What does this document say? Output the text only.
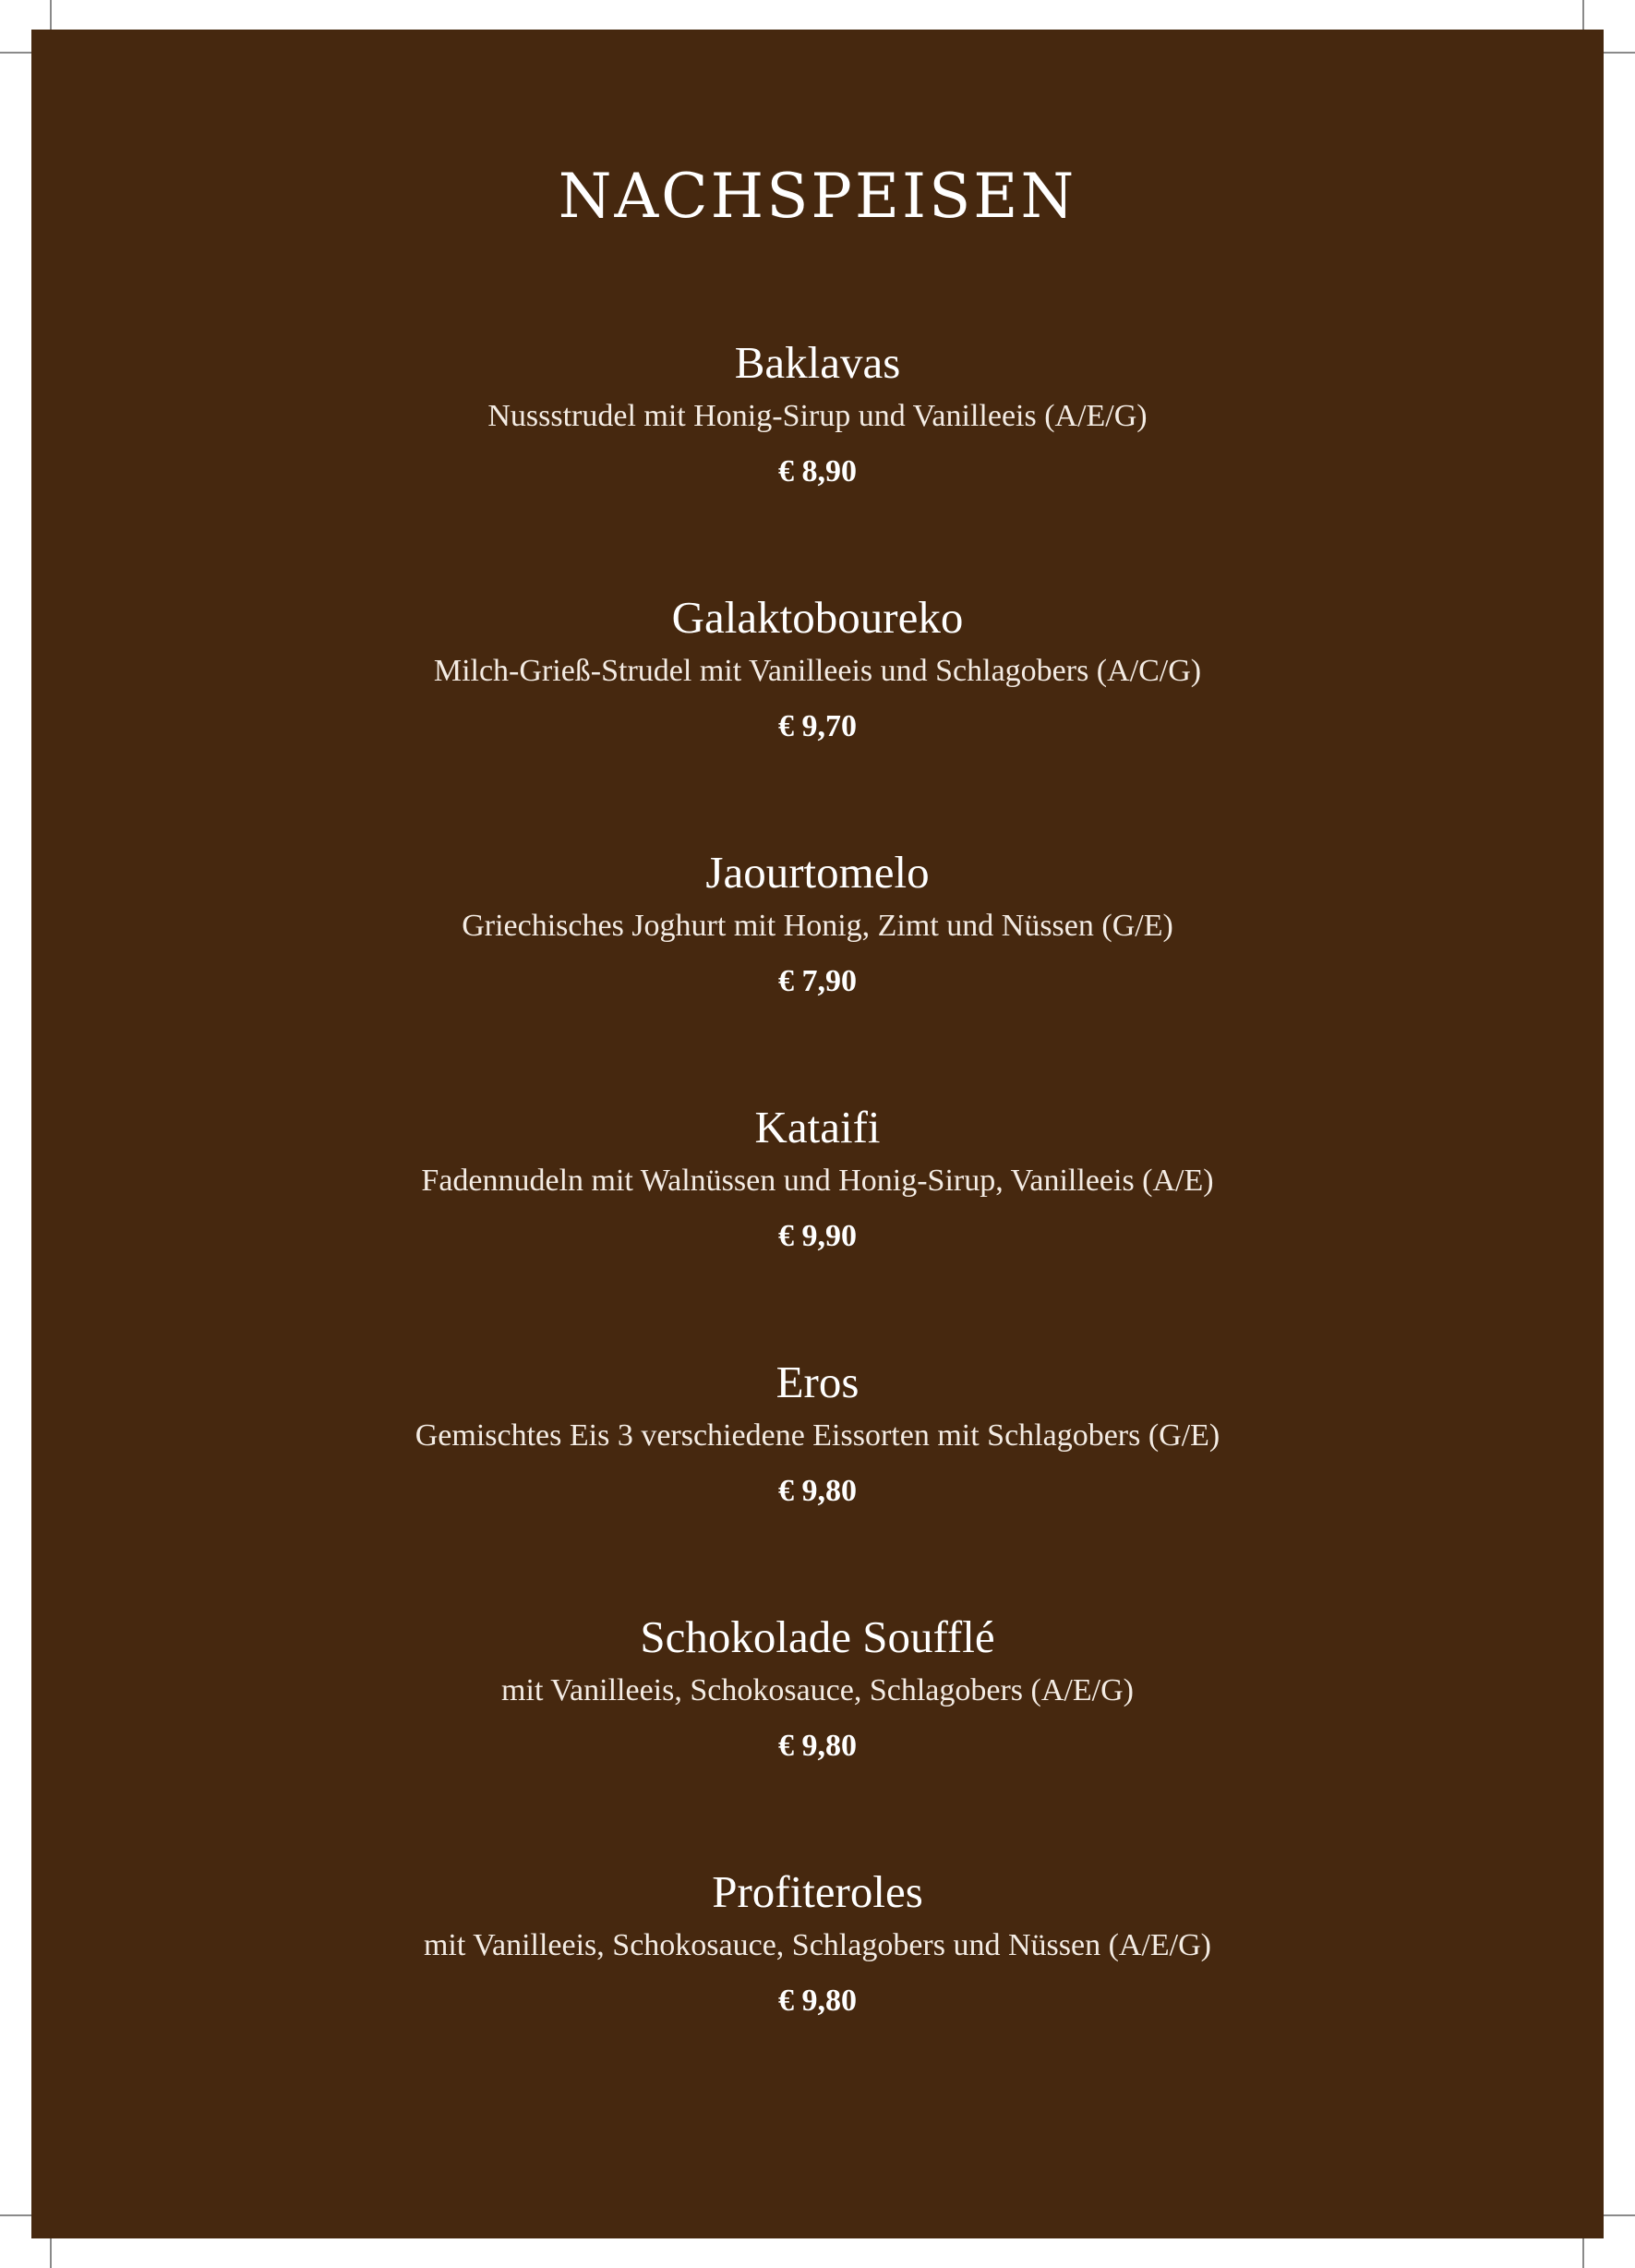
NACHSPEISEN
Baklavas
Nussstrudel mit Honig-Sirup und Vanilleeis (A/E/G)
€ 8,90
Galaktoboureko
Milch-Grieß-Strudel mit Vanilleeis und Schlagobers (A/C/G)
€ 9,70
Jaourtomelo
Griechisches Joghurt mit Honig, Zimt und Nüssen (G/E)
€ 7,90
Kataifi
Fadennudeln mit Walnüssen und Honig-Sirup, Vanilleeis (A/E)
€ 9,90
Eros
Gemischtes Eis 3 verschiedene Eissorten mit Schlagobers (G/E)
€ 9,80
Schokolade Soufflé
mit Vanilleeis, Schokosauce, Schlagobers (A/E/G)
€ 9,80
Profiteroles
mit Vanilleeis, Schokosauce, Schlagobers und Nüssen (A/E/G)
€ 9,80
